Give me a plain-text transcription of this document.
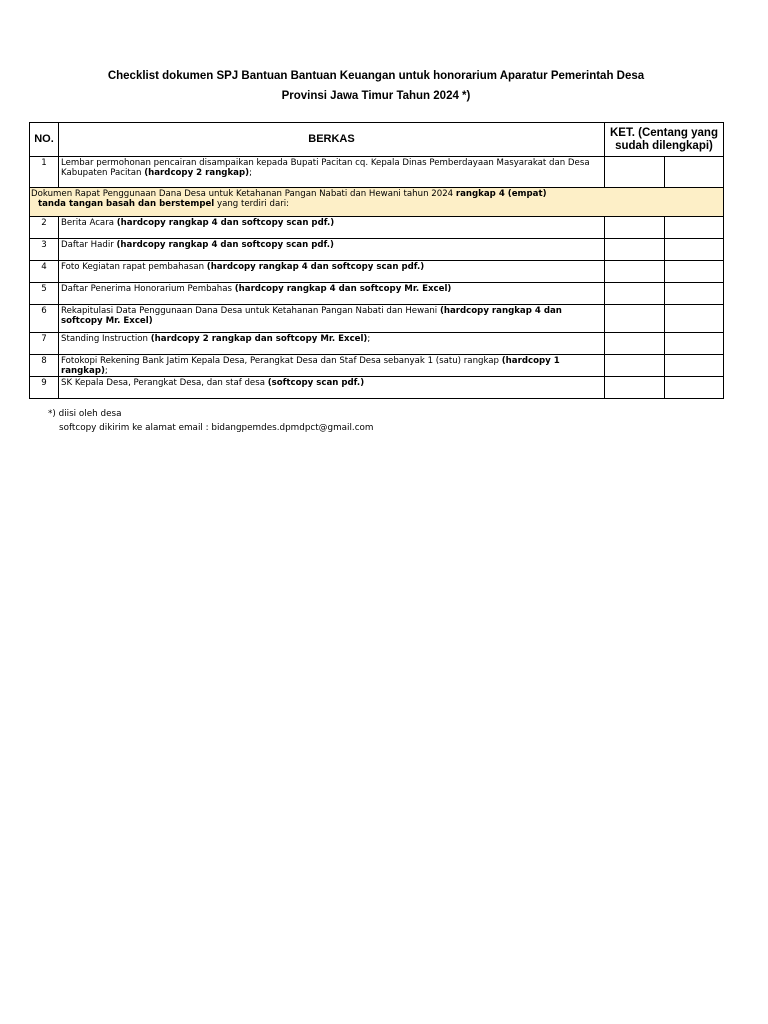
Checklist dokumen SPJ Bantuan Bantuan Keuangan untuk honorarium Aparatur Pemerintah Desa
Provinsi Jawa Timur Tahun 2024 *)
NO.	BERKAS	KET. (Centang yang sudah dilengkapi)	
1	Lembar permohonan pencairan disampaikan kepada Bupati Pacitan cq. Kepala Dinas Pemberdayaan Masyarakat dan Desa Kabupaten Pacitan (hardcopy 2 rangkap);		

Dokumen Rapat Penggunaan Dana Desa untuk Ketahanan Pangan Nabati dan Hewani tahun 2024 rangkap 4 (empat)
tanda tangan basah dan berstempel yang terdiri dari:			

2	Berita Acara (hardcopy rangkap 4 dan softcopy scan pdf.)		
3	Daftar Hadir (hardcopy rangkap 4 dan softcopy scan pdf.)		
4	Foto Kegiatan rapat pembahasan (hardcopy rangkap 4 dan softcopy scan pdf.)		
5	Daftar Penerima Honorarium Pembahas (hardcopy rangkap 4 dan softcopy Mr. Excel)		
6	Rekapitulasi Data Penggunaan Dana Desa untuk Ketahanan Pangan Nabati dan Hewani (hardcopy rangkap 4 dan softcopy Mr. Excel)		
7	Standing Instruction (hardcopy 2 rangkap dan softcopy Mr. Excel);		
8	Fotokopi Rekening Bank Jatim Kepala Desa, Perangkat Desa dan Staf Desa sebanyak 1 (satu) rangkap (hardcopy 1 rangkap);		
9	SK Kepala Desa, Perangkat Desa, dan staf desa (softcopy scan pdf.)		
*) diisi oleh desa
softcopy dikirim ke alamat email : bidangpemdes.dpmdpct@gmail.com
